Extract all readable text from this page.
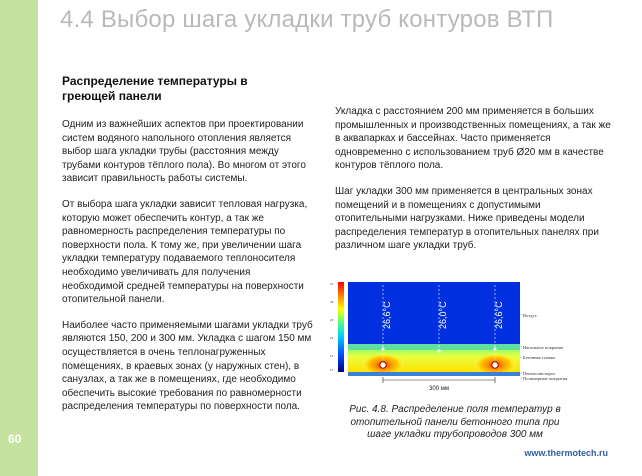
60
4.4 Выбор шага укладки труб контуров ВТП
Распределение температуры в греющей панели

Одним из важнейших аспектов при проектировании систем водяного напольного отопления является выбор шага укладки трубы (расстояния между трубами контуров тёплого пола). Во многом от этого зависит правильность работы системы.

От выбора шага укладки зависит тепловая нагрузка, которую может обеспечить контур, а так же равномерность распределения температуры по поверхности пола. К тому же, при увеличении шага укладки температуру подаваемого теплоносителя необходимо увеличивать для получения необходимой средней температуры на поверхности отопительной панели.

Наиболее часто применяемыми шагами укладки труб являются 150, 200 и 300 мм. Укладка с шагом 150 мм осуществляется в очень теплонагруженных помещениях, в краевых зонах (у наружных стен), в санузлах, а так же в помещениях, где необходимо обеспечить высокие требования по равномерности распределения температуры по поверхности пола.

Укладка с расстоянием 200 мм применяется в больших промышленных и производственных помещениях, а так же в аквапарках и бассейнах. Часто применяется одновременно с использованием труб Ø20 мм в качестве контуров тёплого пола.

Шаг укладки 300 мм применяется в центральных зонах помещений и в помещениях с допустимыми отопительными нагрузками. Ниже приведены модели распределения температур в отопительных панелях при различном шаге укладки труб.

27
25
23
21
19
17
26,6°C	26,0°C	26,6°C
300 мм
Воздух
Напольное покрытие
Бетонная стяжка
Пенополистирол
Полимерные покрытия
Рис. 4.8. Распределение поля температур в отопительной панели бетонного типа при шаге укладки трубопроводов 300 мм
www.thermotech.ru
